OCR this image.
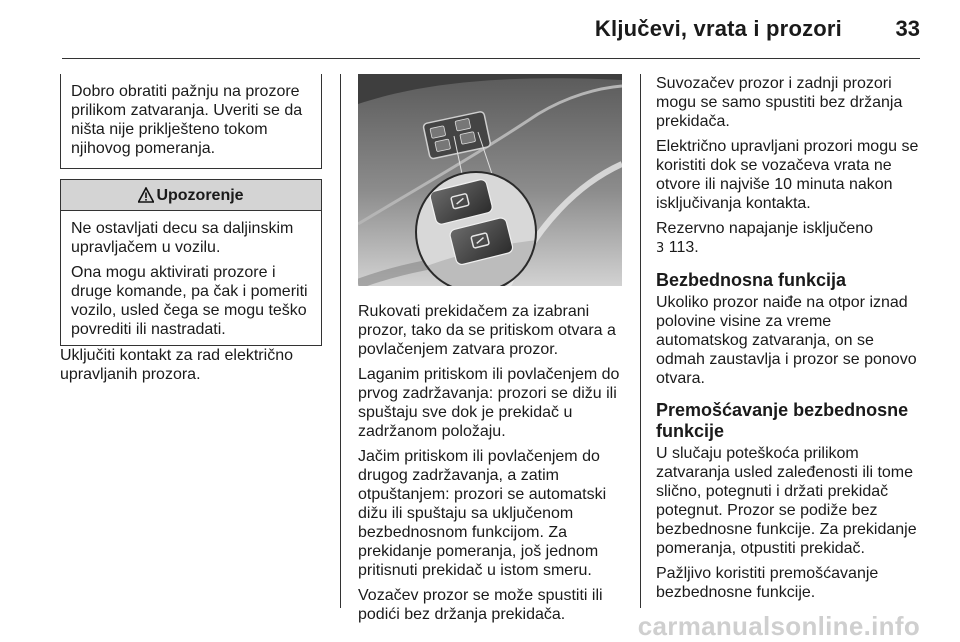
Ključevi, vrata i prozori 33

Dobro obratiti pažnju na prozore prilikom zatvaranja. Uveriti se da ništa nije priklješteno tokom njihovog pomeranja.

Upozorenje

Ne ostavljati decu sa daljinskim upravljačem u vozilu.

Ona mogu aktivirati prozore i druge komande, pa čak i pomeriti vozilo, usled čega se mogu teško povrediti ili nastradati.

Uključiti kontakt za rad električno upravljanih prozora.

Rukovati prekidačem za izabrani prozor, tako da se pritiskom otvara a povlačenjem zatvara prozor.

Laganim pritiskom ili povlačenjem do prvog zadržavanja: prozori se dižu ili spuštaju sve dok je prekidač u zadržanom položaju.

Jačim pritiskom ili povlačenjem do drugog zadržavanja, a zatim otpuštanjem: prozori se automatski dižu ili spuštaju sa uključenom bezbednosnom funkcijom. Za prekidanje pomeranja, još jednom pritisnuti prekidač u istom smeru.

Vozačev prozor se može spustiti ili podići bez držanja prekidača.

Suvozačev prozor i zadnji prozori mogu se samo spustiti bez držanja prekidača.

Električno upravljani prozori mogu se koristiti dok se vozačeva vrata ne otvore ili najviše 10 minuta nakon isključivanja kontakta.

Rezervno napajanje isključeno
3 113.

Bezbednosna funkcija

Ukoliko prozor naiđe na otpor iznad polovine visine za vreme automatskog zatvaranja, on se odmah zaustavlja i prozor se ponovo otvara.

Premošćavanje bezbednosne funkcije

U slučaju poteškoća prilikom zatvaranja usled zaleđenosti ili tome slično, potegnuti i držati prekidač potegnut. Prozor se podiže bez bezbednosne funkcije. Za prekidanje pomeranja, otpustiti prekidač.

Pažljivo koristiti premošćavanje bezbednosne funkcije.

carmanualsonline.info
